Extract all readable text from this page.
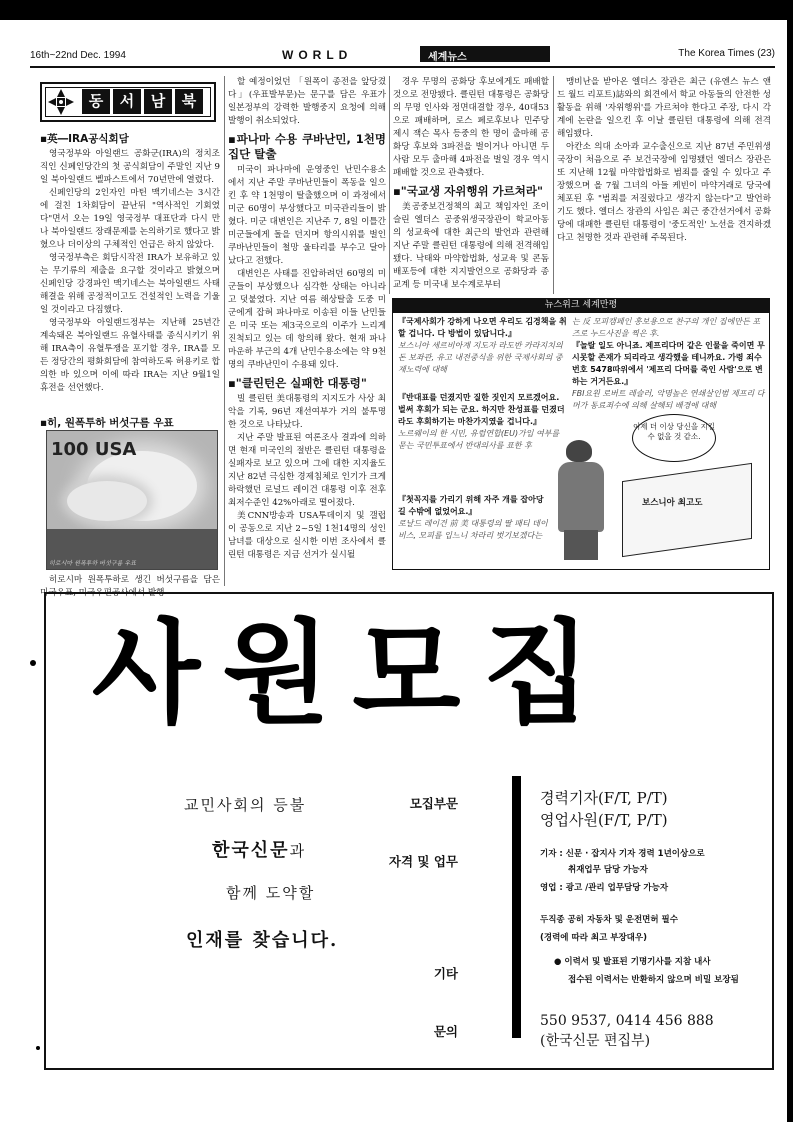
16th~22nd Dec. 1994	WORLD	세계뉴스	The Korea Times (23)
동	서	남	북
▪英―IRA공식회담

영국정부와 아일랜드 공화군(IRA)의 정치조직인 신페인당간의 첫 공식회담이 주말인 지난 9일 북아일랜드 벨파스트에서 70년만에 열렸다.

신페인당의 2인자인 마틴 맥기네스는 3시간에 걸친 1차회담이 끝난뒤 "역사적인 기회였다"면서 오는 19일 영국정부 대표단과 다시 만나 북아일랜드 장래문제를 논의하기로 했다고 밝혔으나 더이상의 구체적인 언급은 하지 않았다.

영국정부측은 회담시작전 IRA가 보유하고 있는 무기류의 제출을 요구할 것이라고 밝혔으며 신페인당 강경파인 맥기네스는 북아일랜드 사태 해결을 위해 공정적이고도 건설적인 노력을 기울일 것이라고 다짐했다.

영국정부와 아일랜드정부는 지난해 25년간 계속돼온 북아일랜드 유혈사태를 종식시키기 위해 IRA측이 유혈투쟁을 포기할 경우, IRA를 모든 정당간의 평화회담에 참여하도록 허용키로 합의한 바 있으며 이에 따라 IRA는 지난 9월1일 휴전을 선언했다.

▪히, 원폭투하 버섯구름 우표
100 USA
히로시마 원폭투하 버섯구름 우표

히로시마 원폭투하로 생긴 버섯구름을 담은 미국우표, 미국우편공사에서 발행

할 예정이었던 「원폭이 종전을 앞당겼다」(우표발부문)는 문구를 담은 우표가 일본정부의 강력한 발행중지 요청에 의해 발행이 취소되었다.

▪파나마 수용 쿠바난민, 1천명 집단 탈출

미국이 파나마에 운영중인 난민수용소에서 지난 주말 쿠바난민들이 폭동을 일으킨 후 약 1천명이 탈출했으며 이 과정에서 미군 60명이 부상했다고 미국관리들이 밝혔다. 미군 대변인은 지난주 7, 8일 이틀간 미군들에게 돌을 던지며 항의시위를 벌인 쿠바난민들이 철망 울타리를 부수고 달아났다고 전했다.

대변인은 사태를 진압하려던 60명의 미군들이 부상했으나 심각한 상태는 아니라고 덧붙였다. 지난 여름 해상탈출 도중 미군에게 잡혀 파나마로 이송된 이들 난민들은 미국 또는 제3국으로의 이주가 느리게 진척되고 있는 데 항의해 왔다. 현재 파나마운하 부근의 4개 난민수용소에는 약 9천명의 쿠바난민이 수용돼 있다.

▪"클린턴은 실패한 대통령"

빌 클린턴 美대통령의 지지도가 사상 최악을 기록, 96년 재선여부가 거의 불투명한 것으로 나타났다.

지난 주말 발표된 여론조사 결과에 의하면 현재 미국인의 절반은 클린턴 대통령을 실패자로 보고 있으며 그에 대한 지지율도 지난 82년 극심한 경제침체로 인기가 크게 하락했던 로널드 레이건 대통령 이후 전후 최저수준인 42%아래로 떨어졌다.

美CNN방송과 USA투데이지 및 갤럽이 공동으로 지난 2~5일 1천14명의 성인 남녀를 대상으로 실시한 이번 조사에서 클린턴 대통령은 지금 선거가 실시될

경우 무명의 공화당 후보에게도 패배할 것으로 전망됐다. 클린턴 대통령은 공화당의 무명 인사와 정면대결할 경우, 40대53으로 패배하며, 로스 페로후보나 민주당 제시 잭슨 목사 등중의 한 명이 출마해 공화당 후보와 3파전을 벌이거나 아니면 두사람 모두 출마해 4파전을 벌일 경우 역시 패배할 것으로 관측됐다.

▪"국교생 자위행위 가르쳐라"

美공중보건정책의 최고 책임자인 조이슬린 엘더스 공중위생국장관이 학교아동의 성교육에 대한 최근의 발언과 관련해 지난 주말 클린턴 대통령에 의해 전격해임됐다. 낙태와 마약합법화, 성교육 및 콘돔 배포등에 대한 지지발언으로 공화당과 종교계 등 미국내 보수계로부터

맹비난을 받아온 엘더스 장관은 최근 (유엔스 뉴스 앤드 월드 리포트)誌와의 회견에서 학교 아동들의 안전한 성활동을 위해 '자위행위'를 가르쳐야 한다고 주장, 다시 각계에 논란을 일으킨 후 이날 클린턴 대통령에 의해 전격 해임됐다.

아칸소 의대 소아과 교수출신으로 지난 87년 주민위생국장이 처음으로 주 보건국장에 임명됐던 엘더스 장관은 또 지난해 12월 마약합법화로 범죄를 줄일 수 있다고 주장했으며 올 7월 그녀의 아들 케빈이 마약거래로 당국에 체포된 후 "범죄를 저질렀다고 생각지 않는다"고 발언하기도 했다. 엘더스 장관의 사임은 최근 중간선거에서 공화당에 대패한 클린턴 대통령이 '중도적인' 노선을 견지하겠다고 천명한 것과 관련해 주목된다.

뉴스위크 세계만평
『국제사회가 강하게 나오면 우리도 김경책을 취할 겁니다. 다 방법이 있답니다.』
보스니아 세르비아계 지도자 라도반 카라지치의 돈 보좌관, 유고 내전중식을 위한 국제사회의 중재노력에 대해
『반대표를 던졌지만 질한 짓인지 모르겠어요. 벌써 후회가 되는 군요. 하지만 찬성표를 던졌더라도 후회하기는 마찬가지였을 겁니다.』
노르웨이의 한 시민, 유럽연합(EU)가입 여부를 묻는 국민투표에서 반대의사를 표한 후
『첫꼭지를 가리기 위해 자주 개를 잡아당길 수밖에 없었어요.』
로날드 레이건 前 美 대통령의 딸 패티 데이비스, 모피를 입느니 차라리 벗기보겠다는
는 反 모피캠페인 홍보용으로 찬구의 개인 집에만든 포즈로 누드사진을 찍은 후.
『놀랄 일도 아니죠. 제프리다머 같은 인물을 죽이면 무시못할 존재가 되리라고 생각했을 테니까요. 가령 죄수번호 5478따위에서 '제프리 다머를 죽인 사람'으로 변하는 거거든요.』
FBI요원 로버트 레슬러, 악명높은 연쇄살인범 제프리 다머가 동료죄수에 의해 살해되 배경에 대해
이제 더 이상 당신을 지킬 수 없을 것 같소.
보스니아 최고도
사원모집
교민사회의 등불
한국신문과
함께 도약할
인재를 찾습니다.
모집부문	경력기자(F/T, P/T)
영업사원(F/T, P/T)
자격 및 업무	기자 : 신문 · 잡지사 기자 경력 1년이상으로
취재업무 담당 가능자
영업 : 광고 /관리 업무담당 가능자
두직종 공히 자동차 및 운전면허 필수
(경력에 따라 최고 부장대우)
기타
● 이력서 및 발표된 기명기사를 지참 내사
접수된 이력서는 반환하지 않으며 비밀 보장됨
문의
550 9537, 0414 456 888
(한국신문 편집부)
